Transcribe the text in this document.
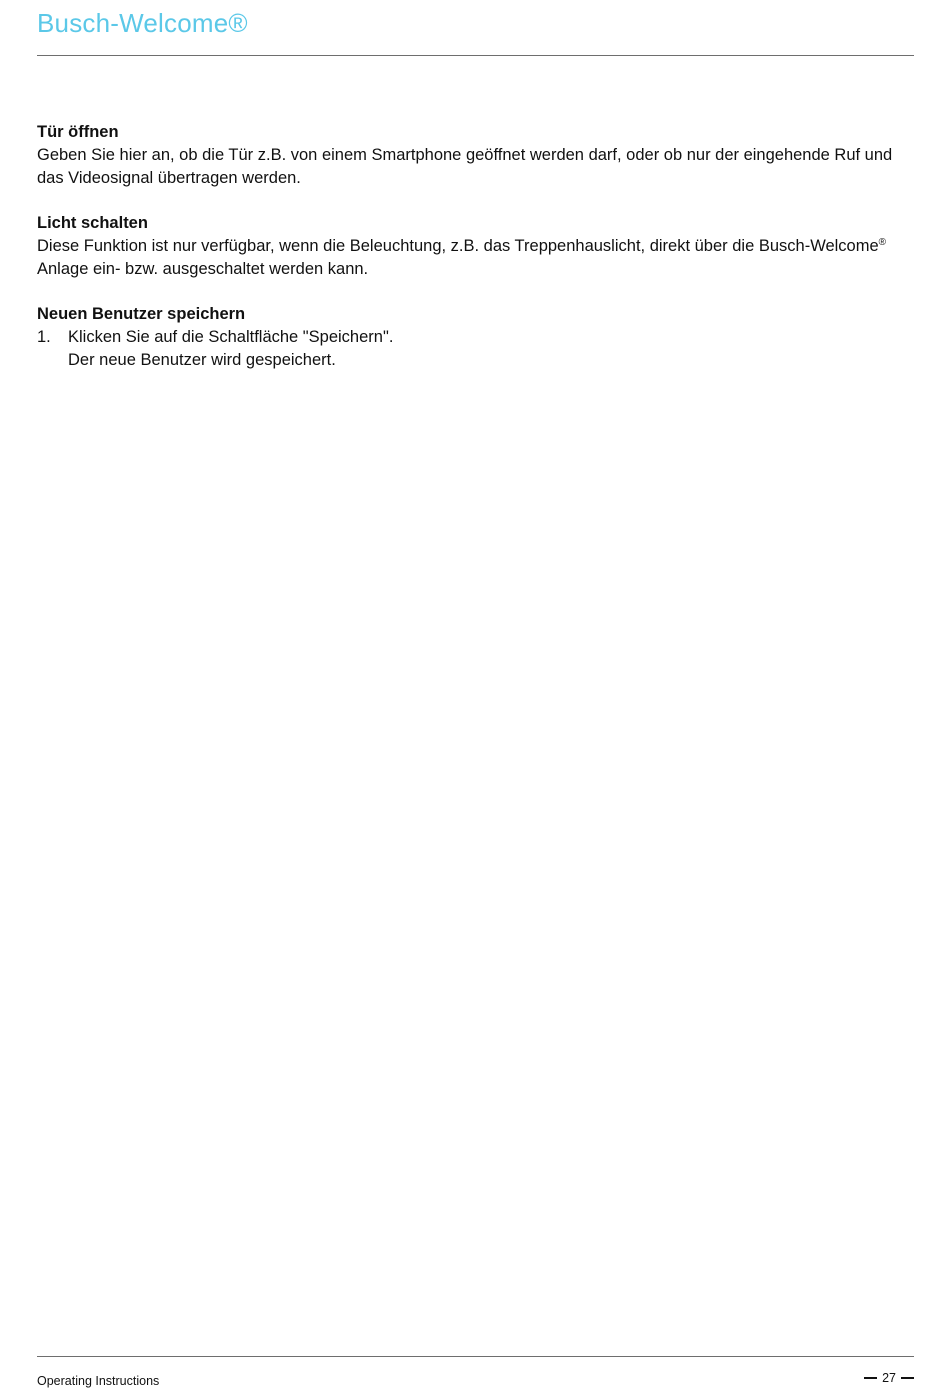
Busch-Welcome®
Tür öffnen

Geben Sie hier an, ob die Tür z.B. von einem Smartphone geöffnet werden darf, oder ob nur der eingehende Ruf und das Videosignal übertragen werden.

Licht schalten

Diese Funktion ist nur verfügbar, wenn die Beleuchtung, z.B. das Treppenhauslicht, direkt über die Busch-Welcome® Anlage ein- bzw. ausgeschaltet werden kann.

Neuen Benutzer speichern
1. Klicken Sie auf die Schaltfläche "Speichern".
Der neue Benutzer wird gespeichert.
Operating Instructions	27
